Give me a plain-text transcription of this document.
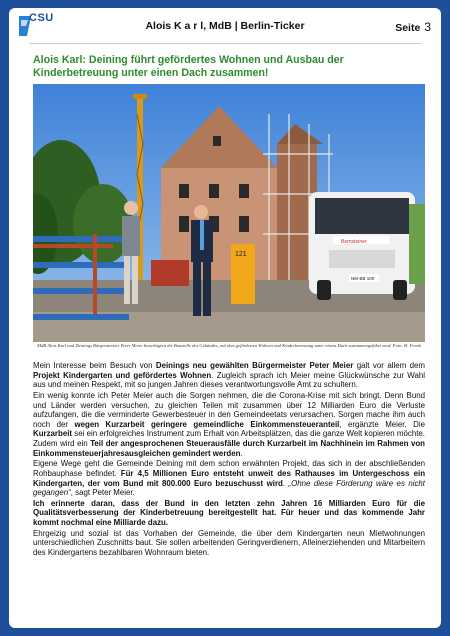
CSU
Alois K a r l, MdB | Berlin-Ticker	Seite 3
Alois Karl: Deining führt gefördertes Wohnen und Ausbau der Kinderbetreuung unter einen Dach zusammen!
121
Bernsteiner
NM-BB 100

MdB Alois Karl und Deinings Bürgermeister Peter Meier besichtigten die Baustelle des Gebäudes, mit dem geförderten Wohnen und Kinderbetreuung unter einem Dach zusammengeführt wird. Foto: H. Frank

Mein Interesse beim Besuch von Deinings neu gewählten Bürgermeister Peter Meier galt vor allem dem Projekt Kindergarten und gefördertes Wohnen. Zugleich sprach ich Meier meine Glückwünsche zur Wahl aus und meinen Respekt, mit so jungen Jahren dieses verantwortungsvolle Amt zu schultern.

Ein wenig konnte ich Peter Meier auch die Sorgen nehmen, die die Corona-Krise mit sich bringt. Denn Bund und Länder werden versuchen, zu gleichen Teilen mit zusammen über 12 Milliarden Euro die Verluste aufzufangen, die die verminderte Gewerbesteuer in den Gemeindeetats verursachen. Sorgen mache ihm auch noch der wegen Kurzarbeit geringere gemeindliche Einkommensteueranteil, ergänzte Meier. Die Kurzarbeit sei ein erfolgreiches Instrument zum Erhalt von Arbeitsplätzen, das die ganze Welt kopieren möchte. Zudem wird ein Teil der angesprochenen Steuerausfälle durch Kurzarbeit im Nachhinein im Rahmen von Einkommensteuerjahresausgleichen gemindert werden.

Eigene Wege geht die Gemeinde Deining mit dem schon erwähnten Projekt, das sich in der abschließenden Rohbauphase befindet. Für 4,5 Millionen Euro entsteht unweit des Rathauses im Untergeschoss ein Kindergarten, der vom Bund mit 800.000 Euro bezuschusst wird. „Ohne diese Förderung wäre es nicht gegangen“, sagt Peter Meier.

Ich erinnerte daran, dass der Bund in den letzten zehn Jahren 16 Milliarden Euro für die Qualitätsverbesserung der Kinderbetreuung bereitgestellt hat. Für heuer und das kommende Jahr kommt nochmal eine Milliarde dazu.

Ehrgeizig und sozial ist das Vorhaben der Gemeinde, die über dem Kindergarten neun Mietwohnungen unterschiedlichen Zuschnitts baut. Sie sollen arbeitenden Geringverdienern, Alleinerziehenden und Mitarbeitern des Kindergartens bezahlbaren Wohnraum bieten.
